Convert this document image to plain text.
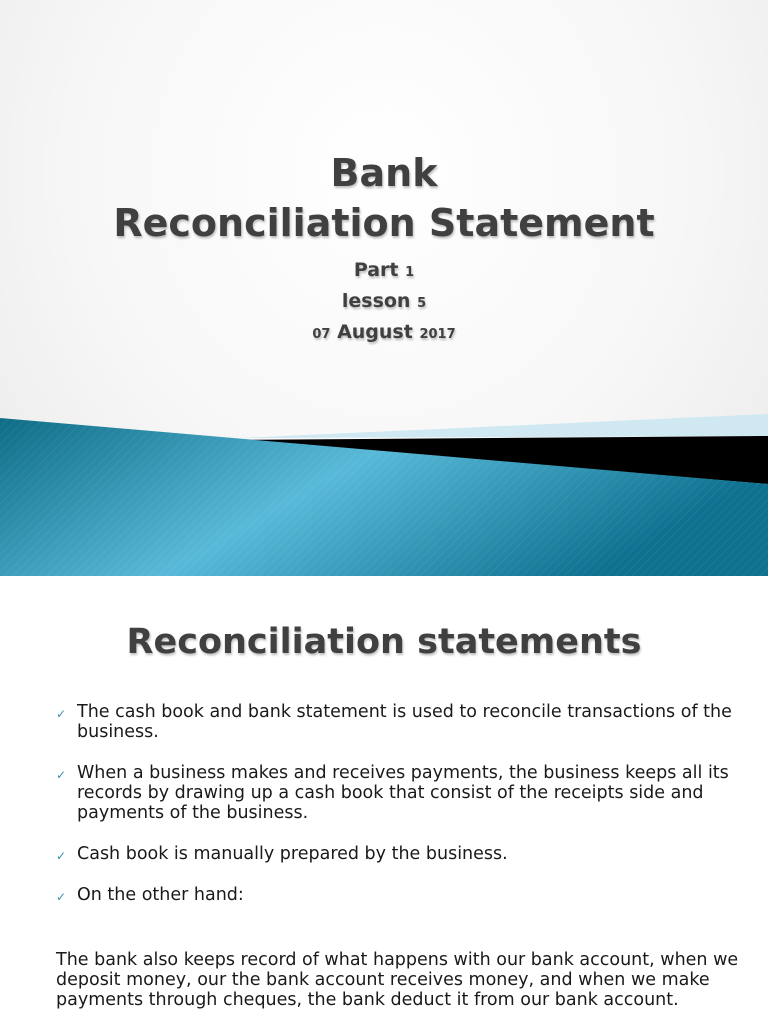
Bank
Reconciliation Statement
Part 1
lesson 5
07 August 2017
Reconciliation statements
✓ The cash book and bank statement is used to reconcile transactions of the business.
✓ When a business makes and receives payments, the business keeps all its records by drawing up a cash book that consist of the receipts side and payments of the business.
✓ Cash book is manually prepared by the business.
✓ On the other hand:

The bank also keeps record of what happens with our bank account, when we deposit money, our the bank account receives money, and when we make payments through cheques, the bank deduct it from our bank account.
